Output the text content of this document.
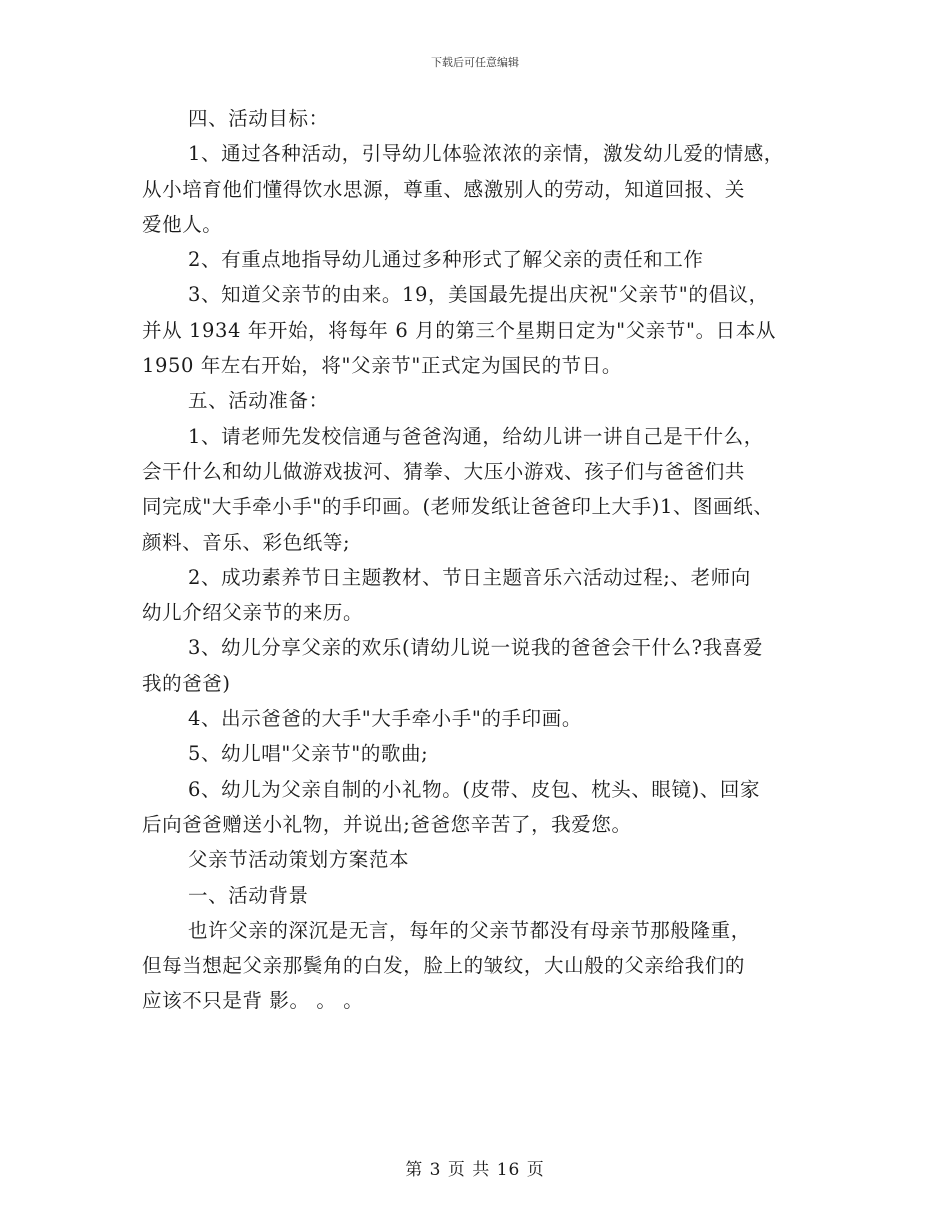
下载后可任意编辑
四、活动目标：
1、通过各种活动，引导幼儿体验浓浓的亲情，激发幼儿爱的情感，
从小培育他们懂得饮水思源，尊重、感激别人的劳动，知道回报、关
爱他人。
2、有重点地指导幼儿通过多种形式了解父亲的责任和工作
3、知道父亲节的由来。19，美国最先提出庆祝"父亲节"的倡议，
并从 1934 年开始，将每年 6 月的第三个星期日定为"父亲节"。日本从
1950 年左右开始，将"父亲节"正式定为国民的节日。
五、活动准备：
1、请老师先发校信通与爸爸沟通，给幼儿讲一讲自己是干什么，
会干什么和幼儿做游戏拔河、猜拳、大压小游戏、孩子们与爸爸们共
同完成"大手牵小手"的手印画。(老师发纸让爸爸印上大手)1、图画纸、
颜料、音乐、彩色纸等;
2、成功素养节日主题教材、节日主题音乐六活动过程;、老师向
幼儿介绍父亲节的来历。
3、幼儿分享父亲的欢乐(请幼儿说一说我的爸爸会干什么?我喜爱
我的爸爸)
4、出示爸爸的大手"大手牵小手"的手印画。
5、幼儿唱"父亲节"的歌曲;
6、幼儿为父亲自制的小礼物。(皮带、皮包、枕头、眼镜)、回家
后向爸爸赠送小礼物，并说出;爸爸您辛苦了，我爱您。
父亲节活动策划方案范本
一、活动背景
也许父亲的深沉是无言，每年的父亲节都没有母亲节那般隆重，
但每当想起父亲那鬓角的白发，脸上的皱纹，大山般的父亲给我们的
应该不只是背 影。 。 。
第 3 页 共 16 页
